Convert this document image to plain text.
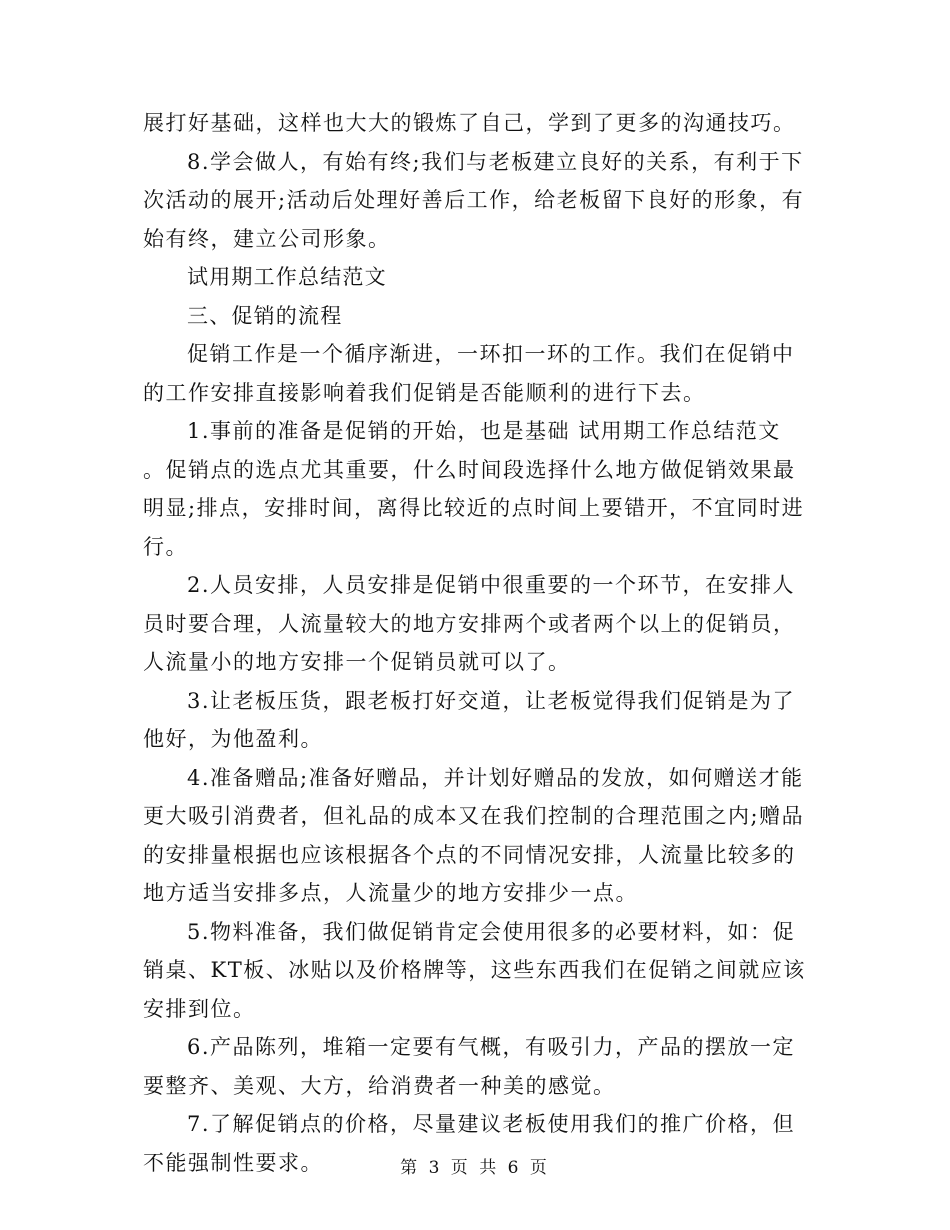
展打好基础，这样也大大的锻炼了自己，学到了更多的沟通技巧。

8.学会做人，有始有终;我们与老板建立良好的关系，有利于下次活动的展开;活动后处理好善后工作，给老板留下良好的形象，有始有终，建立公司形象。

试用期工作总结范文

三、促销的流程

促销工作是一个循序渐进，一环扣一环的工作。我们在促销中的工作安排直接影响着我们促销是否能顺利的进行下去。

1.事前的准备是促销的开始，也是基础 试用期工作总结范文 。促销点的选点尤其重要，什么时间段选择什么地方做促销效果最明显;排点，安排时间，离得比较近的点时间上要错开，不宜同时进行。

2.人员安排，人员安排是促销中很重要的一个环节，在安排人员时要合理，人流量较大的地方安排两个或者两个以上的促销员，人流量小的地方安排一个促销员就可以了。

3.让老板压货，跟老板打好交道，让老板觉得我们促销是为了他好，为他盈利。

4.准备赠品;准备好赠品，并计划好赠品的发放，如何赠送才能更大吸引消费者，但礼品的成本又在我们控制的合理范围之内;赠品的安排量根据也应该根据各个点的不同情况安排，人流量比较多的地方适当安排多点，人流量少的地方安排少一点。

5.物料准备，我们做促销肯定会使用很多的必要材料，如：促销桌、KT板、冰贴以及价格牌等，这些东西我们在促销之间就应该安排到位。

6.产品陈列，堆箱一定要有气概，有吸引力，产品的摆放一定要整齐、美观、大方，给消费者一种美的感觉。

7.了解促销点的价格，尽量建议老板使用我们的推广价格，但不能强制性要求。	第 3 页 共 6 页
